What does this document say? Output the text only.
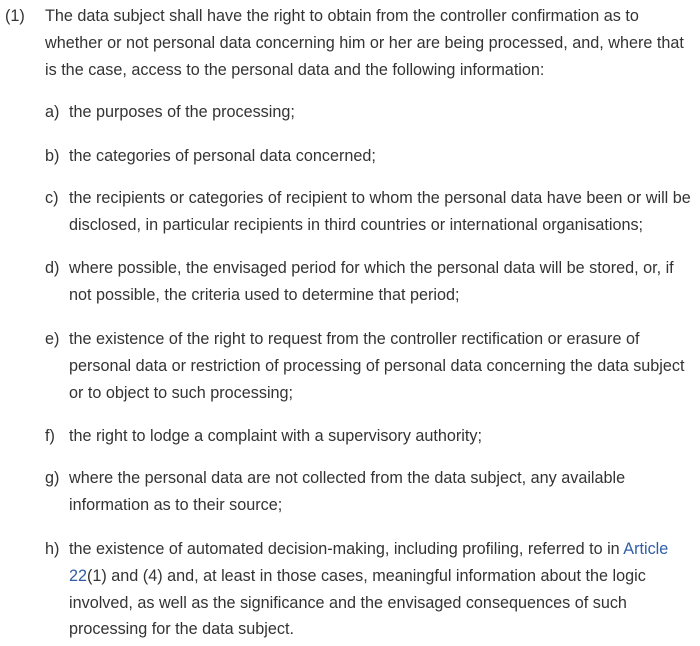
(1) The data subject shall have the right to obtain from the controller confirmation as to whether or not personal data concerning him or her are being processed, and, where that is the case, access to the personal data and the following information:
a) the purposes of the processing;
b) the categories of personal data concerned;
c) the recipients or categories of recipient to whom the personal data have been or will be disclosed, in particular recipients in third countries or international organisations;
d) where possible, the envisaged period for which the personal data will be stored, or, if not possible, the criteria used to determine that period;
e) the existence of the right to request from the controller rectification or erasure of personal data or restriction of processing of personal data concerning the data subject or to object to such processing;
f) the right to lodge a complaint with a supervisory authority;
g) where the personal data are not collected from the data subject, any available information as to their source;
h) the existence of automated decision-making, including profiling, referred to in Article 22(1) and (4) and, at least in those cases, meaningful information about the logic involved, as well as the significance and the envisaged consequences of such processing for the data subject.
